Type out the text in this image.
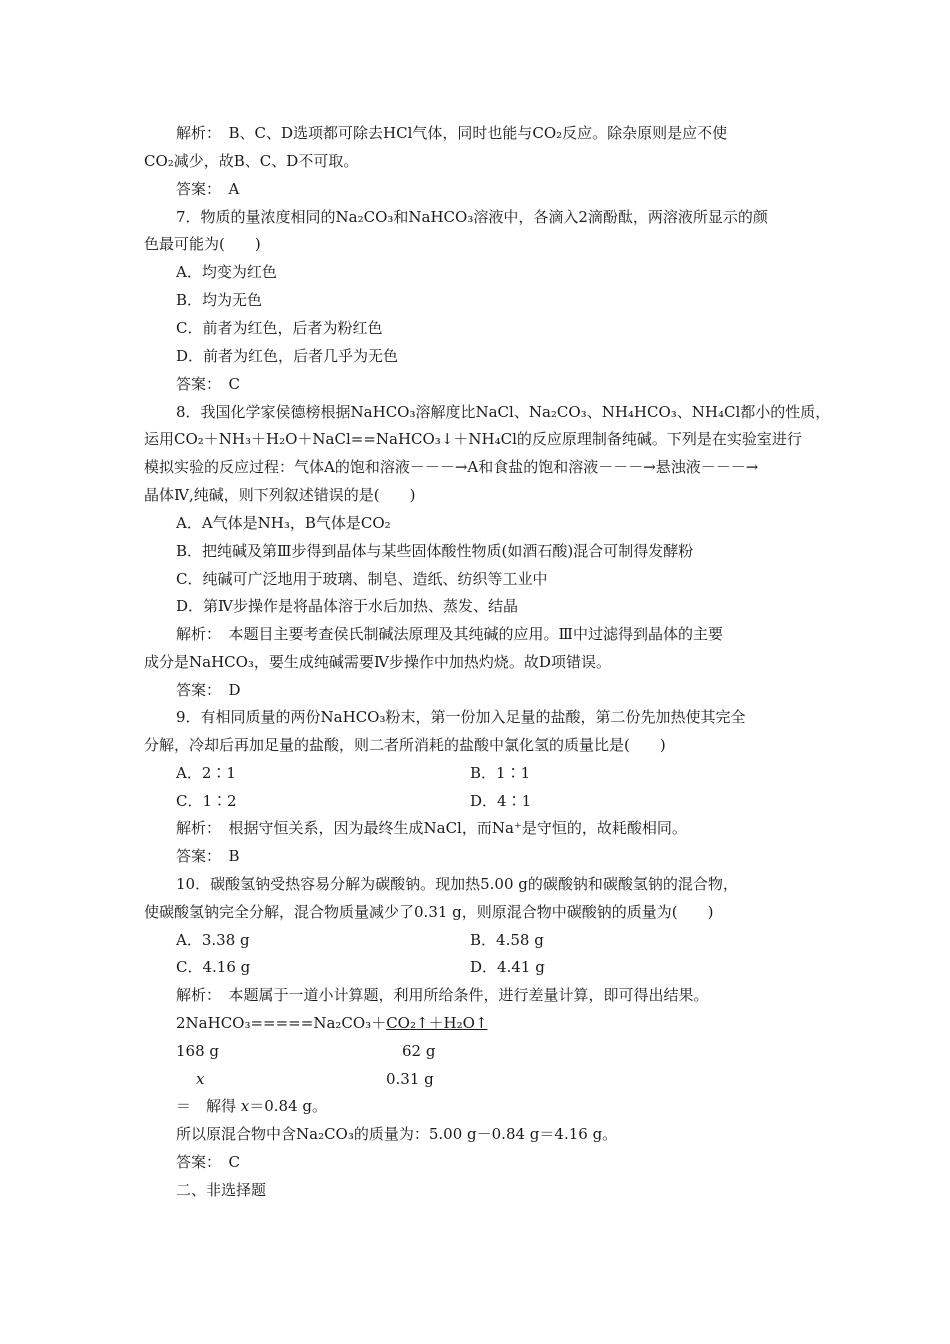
解析：　B、C、D选项都可除去HCl气体，同时也能与CO₂反应。除杂原则是应不使
CO₂减少，故B、C、D不可取。
答案：　A
7．物质的量浓度相同的Na₂CO₃和NaHCO₃溶液中，各滴入2滴酚酞，两溶液所显示的颜
色最可能为(　　)
A．均变为红色
B．均为无色
C．前者为红色，后者为粉红色
D．前者为红色，后者几乎为无色
答案：　C
8．我国化学家侯德榜根据NaHCO₃溶解度比NaCl、Na₂CO₃、NH₄HCO₃、NH₄Cl都小的性质，
运用CO₂＋NH₃＋H₂O＋NaCl==NaHCO₃↓＋NH₄Cl的反应原理制备纯碱。下列是在实验室进行
模拟实验的反应过程：气体A的饱和溶液－－－→A和食盐的饱和溶液－－－→悬浊液－－－→
晶体Ⅳ,纯碱，则下列叙述错误的是(　　)
A．A气体是NH₃，B气体是CO₂
B．把纯碱及第Ⅲ步得到晶体与某些固体酸性物质(如酒石酸)混合可制得发酵粉
C．纯碱可广泛地用于玻璃、制皂、造纸、纺织等工业中
D．第Ⅳ步操作是将晶体溶于水后加热、蒸发、结晶
解析：　本题目主要考查侯氏制碱法原理及其纯碱的应用。Ⅲ中过滤得到晶体的主要
成分是NaHCO₃，要生成纯碱需要Ⅳ步操作中加热灼烧。故D项错误。
答案：　D
9．有相同质量的两份NaHCO₃粉末，第一份加入足量的盐酸，第二份先加热使其完全
分解，冷却后再加足量的盐酸，则二者所消耗的盐酸中氯化氢的质量比是(　　)
A．2∶1	B．1∶1
C．1∶2	D．4∶1
解析：　根据守恒关系，因为最终生成NaCl，而Na⁺是守恒的，故耗酸相同。
答案：　B
10．碳酸氢钠受热容易分解为碳酸钠。现加热5.00 g的碳酸钠和碳酸氢钠的混合物，
使碳酸氢钠完全分解，混合物质量减少了0.31 g，则原混合物中碳酸钠的质量为(　　)
A．3.38 g	B．4.58 g
C．4.16 g	D．4.41 g
解析：　本题属于一道小计算题，利用所给条件，进行差量计算，即可得出结果。
2NaHCO₃=====Na₂CO₃＋CO₂↑＋H₂O↑
168 g	62 g
x	0.31 g
＝　解得 x＝0.84 g。
所以原混合物中含Na₂CO₃的质量为：5.00 g－0.84 g＝4.16 g。
答案：　C
二、非选择题
